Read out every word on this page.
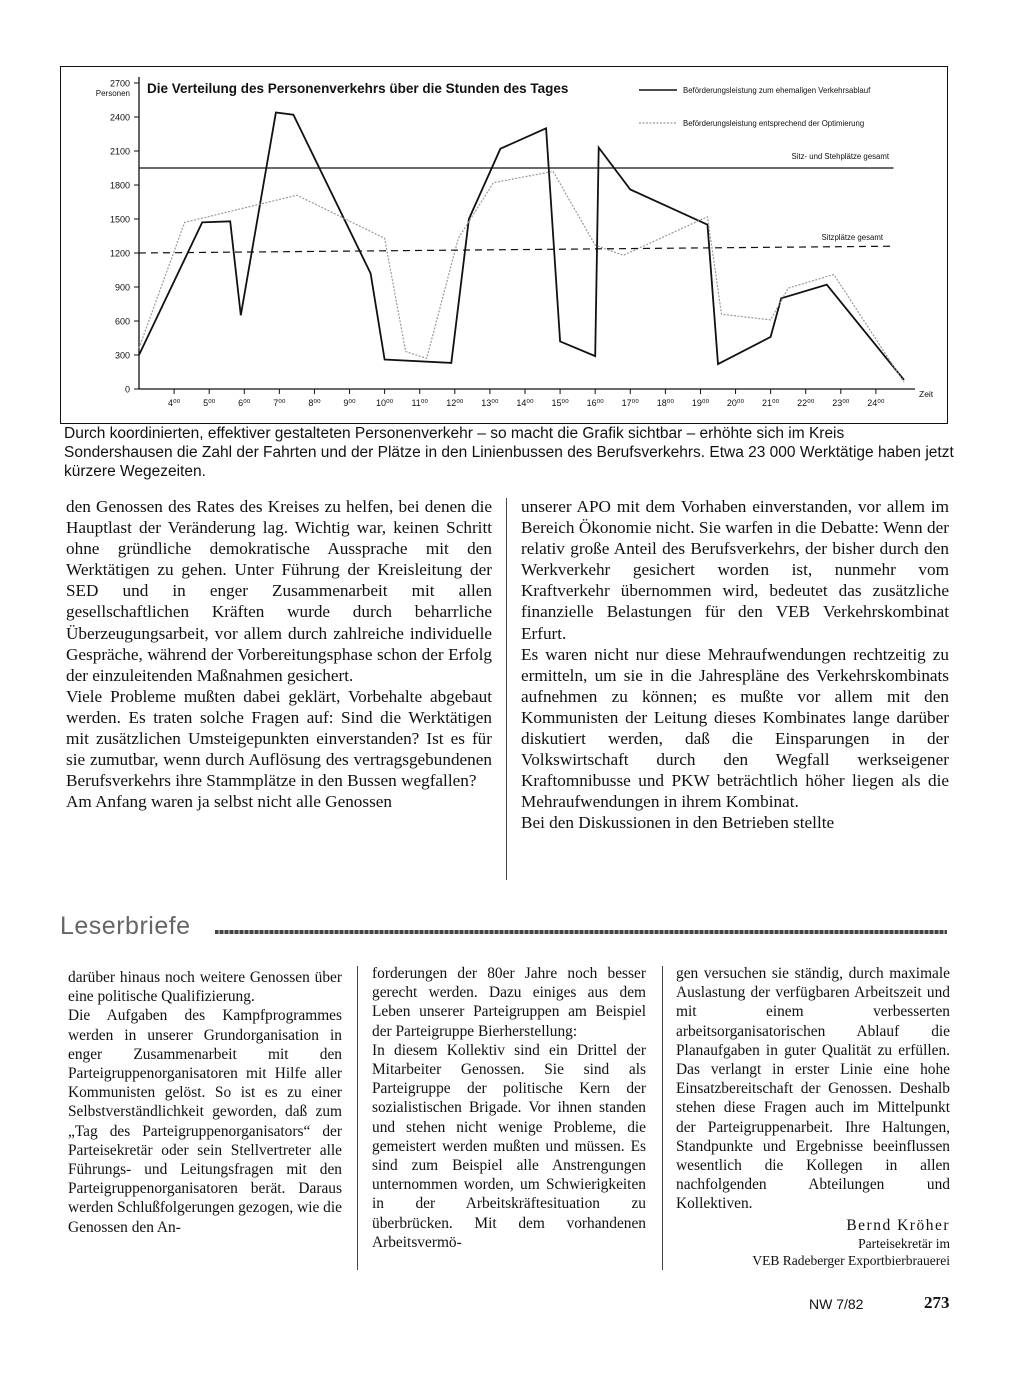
0
300
600
900
1200
1500
1800
2100
2400
2700
Personen
4⁰⁰	5⁰⁰	6⁰⁰	7⁰⁰	8⁰⁰	9⁰⁰ 10⁰⁰ 11⁰⁰ 12⁰⁰ 13⁰⁰ 14⁰⁰ 15⁰⁰ 16⁰⁰ 17⁰⁰ 18⁰⁰ 19⁰⁰ 20⁰⁰ 21⁰⁰ 22⁰⁰ 23⁰⁰ 24⁰⁰
Zeit
Die Verteilung des Personenverkehrs über die Stunden des Tages	Beförderungsleistung zum ehemaligen Verkehrsablauf
Beförderungsleistung entsprechend der Optimierung
Sitz- und Stehplätze gesamt
Sitzplätze gesamt
Durch koordinierten, effektiver gestalteten Personenverkehr – so macht die Grafik sichtbar – erhöhte sich im Kreis Sondershausen die Zahl der Fahrten und der Plätze in den Linienbussen des Berufsverkehrs. Etwa 23 000 Werktätige haben jetzt kürzere Wegezeiten.

den Genossen des Rates des Kreises zu helfen, bei denen die Hauptlast der Veränderung lag. Wichtig war, keinen Schritt ohne gründliche demokratische Aussprache mit den Werktätigen zu gehen. Unter Führung der Kreisleitung der SED und in enger Zusammenarbeit mit allen gesellschaftlichen Kräften wurde durch beharrliche Überzeugungsarbeit, vor allem durch zahlreiche individuelle Gespräche, während der Vorbereitungsphase schon der Erfolg der einzuleitenden Maßnahmen gesichert.

Viele Probleme mußten dabei geklärt, Vorbehalte abgebaut werden. Es traten solche Fragen auf: Sind die Werktätigen mit zusätzlichen Umsteigepunkten einverstanden? Ist es für sie zumutbar, wenn durch Auflösung des vertragsgebundenen Berufsverkehrs ihre Stammplätze in den Bussen wegfallen?

Am Anfang waren ja selbst nicht alle Genossen

unserer APO mit dem Vorhaben einverstanden, vor allem im Bereich Ökonomie nicht. Sie warfen in die Debatte: Wenn der relativ große Anteil des Berufsverkehrs, der bisher durch den Werkverkehr gesichert worden ist, nunmehr vom Kraftverkehr übernommen wird, bedeutet das zusätzliche finanzielle Belastungen für den VEB Verkehrskombinat Erfurt.

Es waren nicht nur diese Mehraufwendungen rechtzeitig zu ermitteln, um sie in die Jahrespläne des Verkehrskombinats aufnehmen zu können; es mußte vor allem mit den Kommunisten der Leitung dieses Kombinates lange darüber diskutiert werden, daß die Einsparungen in der Volkswirtschaft durch den Wegfall werkseigener Kraftomnibusse und PKW beträchtlich höher liegen als die Mehraufwendungen in ihrem Kombinat.

Bei den Diskussionen in den Betrieben stellte

Leserbriefe

darüber hinaus noch weitere Genossen über eine politische Qualifizierung.

Die Aufgaben des Kampfprogrammes werden in unserer Grundorganisation in enger Zusammenarbeit mit den Parteigruppenorganisatoren mit Hilfe aller Kommunisten gelöst. So ist es zu einer Selbstverständlichkeit geworden, daß zum „Tag des Parteigruppenorganisators“ der Parteisekretär oder sein Stellvertreter alle Führungs- und Leitungsfragen mit den Parteigruppenorganisatoren berät. Daraus werden Schlußfolgerungen gezogen, wie die Genossen den An-

forderungen der 80er Jahre noch besser gerecht werden. Dazu einiges aus dem Leben unserer Parteigruppen am Beispiel der Parteigruppe Bierherstellung:

In diesem Kollektiv sind ein Drittel der Mitarbeiter Genossen. Sie sind als Parteigruppe der politische Kern der sozialistischen Brigade. Vor ihnen standen und stehen nicht wenige Probleme, die gemeistert werden mußten und müssen. Es sind zum Beispiel alle Anstrengungen unternommen worden, um Schwierigkeiten in der Arbeitskräftesituation zu überbrücken. Mit dem vorhandenen Arbeitsvermö-

gen versuchen sie ständig, durch maximale Auslastung der verfügbaren Arbeitszeit und mit einem verbesserten arbeitsorganisatorischen Ablauf die Planaufgaben in guter Qualität zu erfüllen. Das verlangt in erster Linie eine hohe Einsatzbereitschaft der Genossen. Deshalb stehen diese Fragen auch im Mittelpunkt der Parteigruppenarbeit. Ihre Haltungen, Standpunkte und Ergebnisse beeinflussen wesentlich die Kollegen in allen nachfolgenden Abteilungen und Kollektiven.

Bernd Kröher

Parteisekretär im

VEB Radeberger Exportbierbrauerei

NW 7/82	273
